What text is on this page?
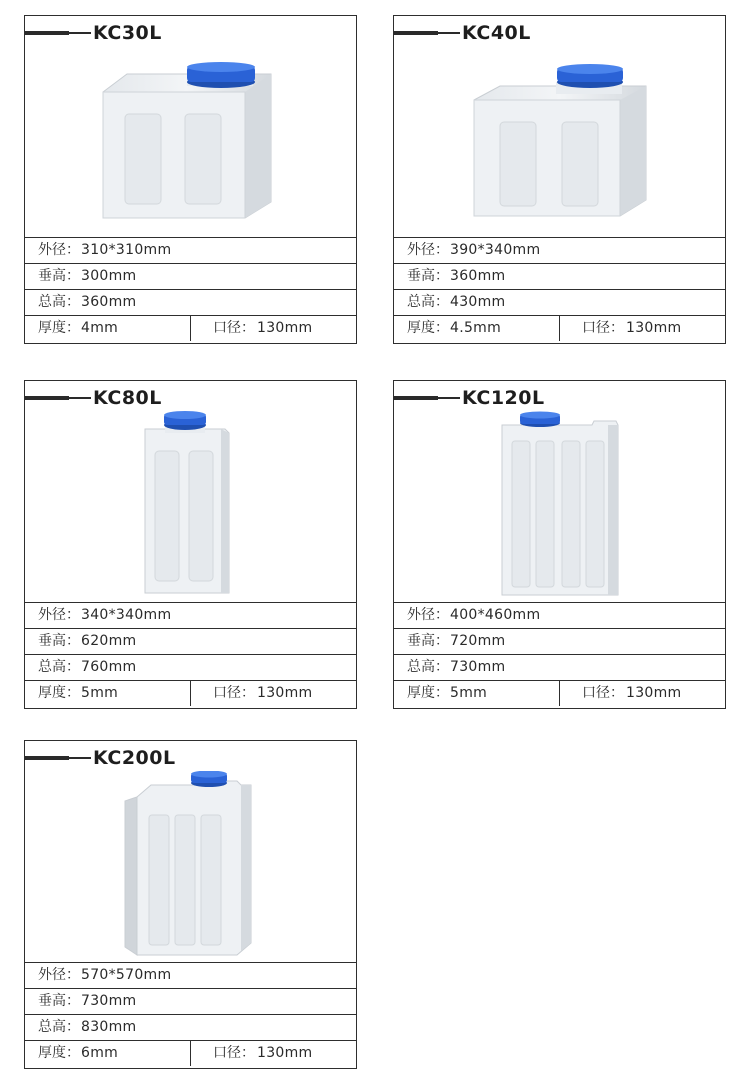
KC30L
外径： 310*310mm
垂高： 300mm
总高： 360mm
厚度： 4mm	口径： 130mm
KC40L
外径： 390*340mm
垂高： 360mm
总高： 430mm
厚度： 4.5mm	口径： 130mm
KC80L
外径： 340*340mm
垂高： 620mm
总高： 760mm
厚度： 5mm	口径： 130mm
KC120L
外径： 400*460mm
垂高： 720mm
总高： 730mm
厚度： 5mm	口径： 130mm
KC200L
外径： 570*570mm
垂高： 730mm
总高： 830mm
厚度： 6mm	口径： 130mm
